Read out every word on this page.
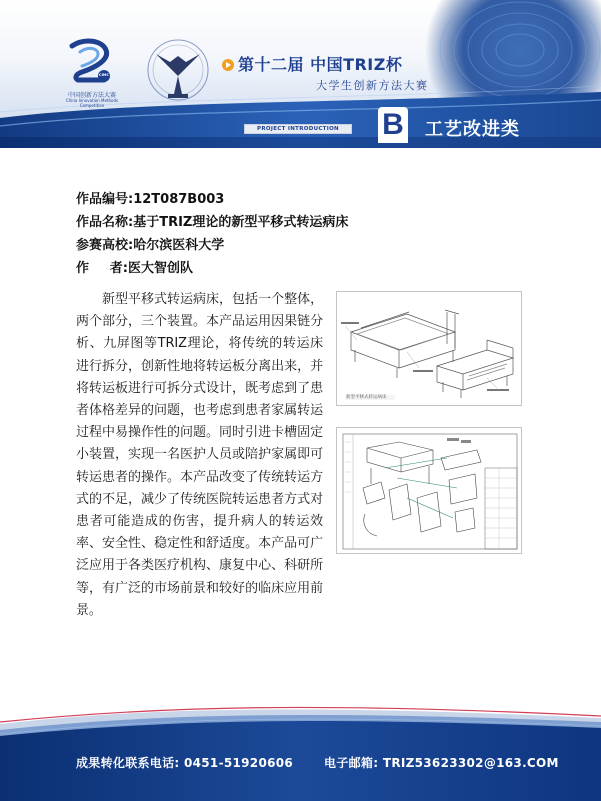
CIMC
中国创新方法大赛
China Innovation Methods Competition
第十二届 中国TRIZ杯
大学生创新方法大赛
PROJECT INTRODUCTION	B 工艺改进类
作品编号:12T087B003
作品名称:基于TRIZ理论的新型平移式转运病床
参赛高校:哈尔滨医科大学
作 者: 医大智创队
新型平移式转运病床，包括一个整体，两个部分，三个装置。本产品运用因果链分析、九屏图等TRIZ理论，将传统的转运床进行拆分，创新性地将转运板分离出来，并将转运板进行可拆分式设计，既考虑到了患者体格差异的问题，也考虑到患者家属转运过程中易操作性的问题。同时引进卡槽固定小装置，实现一名医护人员或陪护家属即可转运患者的操作。本产品改变了传统转运方式的不足，减少了传统医院转运患者方式对患者可能造成的伤害，提升病人的转运效率、安全性、稳定性和舒适度。本产品可广泛应用于各类医疗机构、康复中心、科研所等，有广泛的市场前景和较好的临床应用前景。
新型平移式转运病床
成果转化联系电话: 0451-51920606	电子邮箱: TRIZ53623302@163.COM
